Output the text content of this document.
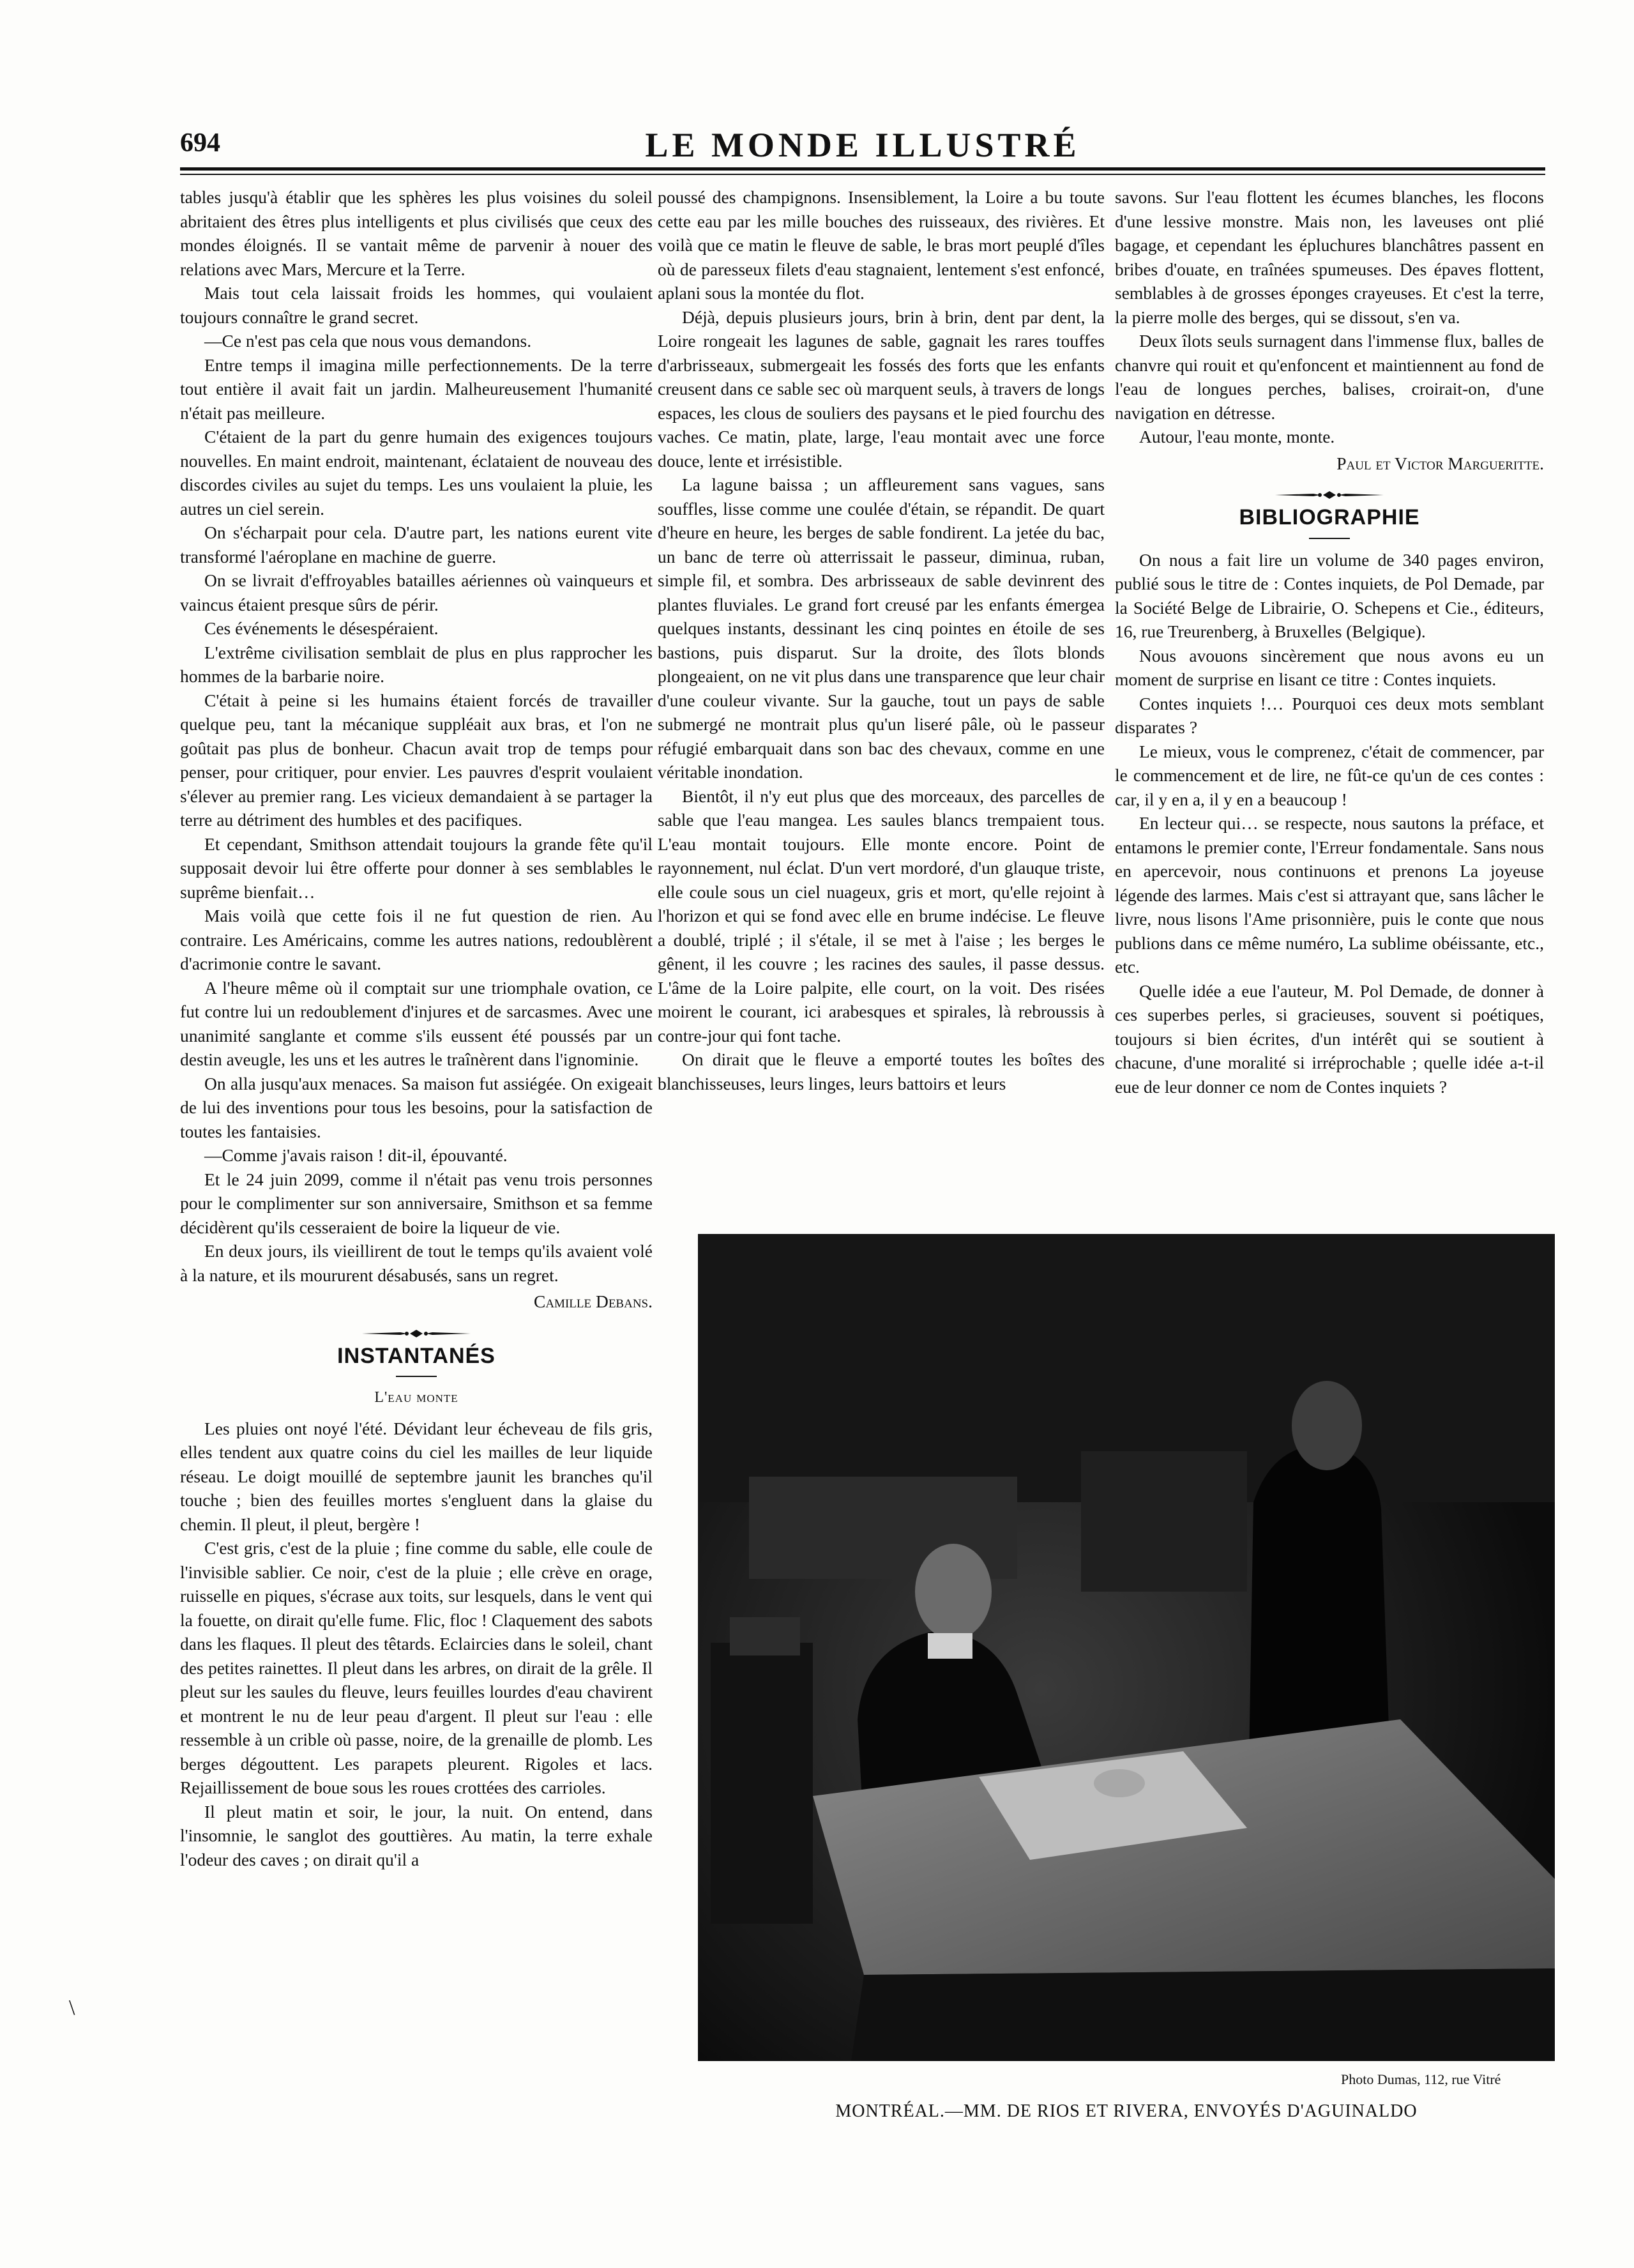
694	LE MONDE ILLUSTRÉ

tables jusqu'à établir que les sphères les plus voisines du soleil abritaient des êtres plus intelligents et plus civilisés que ceux des mondes éloignés. Il se vantait même de parvenir à nouer des relations avec Mars, Mercure et la Terre.

Mais tout cela laissait froids les hommes, qui voulaient toujours connaître le grand secret.

—Ce n'est pas cela que nous vous demandons.

Entre temps il imagina mille perfectionnements. De la terre tout entière il avait fait un jardin. Malheureusement l'humanité n'était pas meilleure.

C'étaient de la part du genre humain des exigences toujours nouvelles. En maint endroit, maintenant, éclataient de nouveau des discordes civiles au sujet du temps. Les uns voulaient la pluie, les autres un ciel serein.

On s'écharpait pour cela. D'autre part, les nations eurent vite transformé l'aéroplane en machine de guerre.

On se livrait d'effroyables batailles aériennes où vainqueurs et vaincus étaient presque sûrs de périr.

Ces événements le désespéraient.

L'extrême civilisation semblait de plus en plus rapprocher les hommes de la barbarie noire.

C'était à peine si les humains étaient forcés de travailler quelque peu, tant la mécanique suppléait aux bras, et l'on ne goûtait pas plus de bonheur. Chacun avait trop de temps pour penser, pour critiquer, pour envier. Les pauvres d'esprit voulaient s'élever au premier rang. Les vicieux demandaient à se partager la terre au détriment des humbles et des pacifiques.

Et cependant, Smithson attendait toujours la grande fête qu'il supposait devoir lui être offerte pour donner à ses semblables le suprême bienfait…

Mais voilà que cette fois il ne fut question de rien. Au contraire. Les Américains, comme les autres nations, redoublèrent d'acrimonie contre le savant.

A l'heure même où il comptait sur une triomphale ovation, ce fut contre lui un redoublement d'injures et de sarcasmes. Avec une unanimité sanglante et comme s'ils eussent été poussés par un destin aveugle, les uns et les autres le traînèrent dans l'ignominie.

On alla jusqu'aux menaces. Sa maison fut assiégée. On exigeait de lui des inventions pour tous les besoins, pour la satisfaction de toutes les fantaisies.

—Comme j'avais raison ! dit-il, épouvanté.

Et le 24 juin 2099, comme il n'était pas venu trois personnes pour le complimenter sur son anniversaire, Smithson et sa femme décidèrent qu'ils cesseraient de boire la liqueur de vie.

En deux jours, ils vieillirent de tout le temps qu'ils avaient volé à la nature, et ils moururent désabusés, sans un regret.

Camille Debans.

INSTANTANÉS

L'eau monte

Les pluies ont noyé l'été. Dévidant leur écheveau de fils gris, elles tendent aux quatre coins du ciel les mailles de leur liquide réseau. Le doigt mouillé de septembre jaunit les branches qu'il touche ; bien des feuilles mortes s'engluent dans la glaise du chemin. Il pleut, il pleut, bergère !

C'est gris, c'est de la pluie ; fine comme du sable, elle coule de l'invisible sablier. Ce noir, c'est de la pluie ; elle crève en orage, ruisselle en piques, s'écrase aux toits, sur lesquels, dans le vent qui la fouette, on dirait qu'elle fume. Flic, floc ! Claquement des sabots dans les flaques. Il pleut des têtards. Eclaircies dans le soleil, chant des petites rainettes. Il pleut dans les arbres, on dirait de la grêle. Il pleut sur les saules du fleuve, leurs feuilles lourdes d'eau chavirent et montrent le nu de leur peau d'argent. Il pleut sur l'eau : elle ressemble à un crible où passe, noire, de la grenaille de plomb. Les berges dégouttent. Les parapets pleurent. Rigoles et lacs. Rejaillissement de boue sous les roues crottées des carrioles.

Il pleut matin et soir, le jour, la nuit. On entend, dans l'insomnie, le sanglot des gouttières. Au matin, la terre exhale l'odeur des caves ; on dirait qu'il a

poussé des champignons. Insensiblement, la Loire a bu toute cette eau par les mille bouches des ruisseaux, des rivières. Et voilà que ce matin le fleuve de sable, le bras mort peuplé d'îles où de paresseux filets d'eau stagnaient, lentement s'est enfoncé, aplani sous la montée du flot.

Déjà, depuis plusieurs jours, brin à brin, dent par dent, la Loire rongeait les lagunes de sable, gagnait les rares touffes d'arbrisseaux, submergeait les fossés des forts que les enfants creusent dans ce sable sec où marquent seuls, à travers de longs espaces, les clous de souliers des paysans et le pied fourchu des vaches. Ce matin, plate, large, l'eau montait avec une force douce, lente et irrésistible.

La lagune baissa ; un affleurement sans vagues, sans souffles, lisse comme une coulée d'étain, se répandit. De quart d'heure en heure, les berges de sable fondirent. La jetée du bac, un banc de terre où atterrissait le passeur, diminua, ruban, simple fil, et sombra. Des arbrisseaux de sable devinrent des plantes fluviales. Le grand fort creusé par les enfants émergea quelques instants, dessinant les cinq pointes en étoile de ses bastions, puis disparut. Sur la droite, des îlots blonds plongeaient, on ne vit plus dans une transparence que leur chair d'une couleur vivante. Sur la gauche, tout un pays de sable submergé ne montrait plus qu'un liseré pâle, où le passeur réfugié embarquait dans son bac des chevaux, comme en une véritable inondation.

Bientôt, il n'y eut plus que des morceaux, des parcelles de sable que l'eau mangea. Les saules blancs trempaient tous. L'eau montait toujours. Elle monte encore. Point de rayonnement, nul éclat. D'un vert mordoré, d'un glauque triste, elle coule sous un ciel nuageux, gris et mort, qu'elle rejoint à l'horizon et qui se fond avec elle en brume indécise. Le fleuve a doublé, triplé ; il s'étale, il se met à l'aise ; les berges le gênent, il les couvre ; les racines des saules, il passe dessus. L'âme de la Loire palpite, elle court, on la voit. Des risées moirent le courant, ici arabesques et spirales, là rebroussis à contre-jour qui font tache.

On dirait que le fleuve a emporté toutes les boîtes des blanchisseuses, leurs linges, leurs battoirs et leurs

savons. Sur l'eau flottent les écumes blanches, les flocons d'une lessive monstre. Mais non, les laveuses ont plié bagage, et cependant les épluchures blanchâtres passent en bribes d'ouate, en traînées spumeuses. Des épaves flottent, semblables à de grosses éponges crayeuses. Et c'est la terre, la pierre molle des berges, qui se dissout, s'en va.

Deux îlots seuls surnagent dans l'immense flux, balles de chanvre qui rouit et qu'enfoncent et maintiennent au fond de l'eau de longues perches, balises, croirait-on, d'une navigation en détresse.

Autour, l'eau monte, monte.

Paul et Victor Margueritte.

BIBLIOGRAPHIE

On nous a fait lire un volume de 340 pages environ, publié sous le titre de : Contes inquiets, de Pol Demade, par la Société Belge de Librairie, O. Schepens et Cie., éditeurs, 16, rue Treurenberg, à Bruxelles (Belgique).

Nous avouons sincèrement que nous avons eu un moment de surprise en lisant ce titre : Contes inquiets.

Contes inquiets !… Pourquoi ces deux mots semblant disparates ?

Le mieux, vous le comprenez, c'était de commencer, par le commencement et de lire, ne fût-ce qu'un de ces contes : car, il y en a, il y en a beaucoup !

En lecteur qui… se respecte, nous sautons la préface, et entamons le premier conte, l'Erreur fondamentale. Sans nous en apercevoir, nous continuons et prenons La joyeuse légende des larmes. Mais c'est si attrayant que, sans lâcher le livre, nous lisons l'Ame prisonnière, puis le conte que nous publions dans ce même numéro, La sublime obéissante, etc., etc.

Quelle idée a eue l'auteur, M. Pol Demade, de donner à ces superbes perles, si gracieuses, souvent si poétiques, toujours si bien écrites, d'un intérêt qui se soutient à chacune, d'une moralité si irréprochable ; quelle idée a-t-il eue de leur donner ce nom de Contes inquiets ?

Photo Dumas, 112, rue Vitré
MONTRÉAL.—MM. DE RIOS ET RIVERA, ENVOYÉS D'AGUINALDO
\
